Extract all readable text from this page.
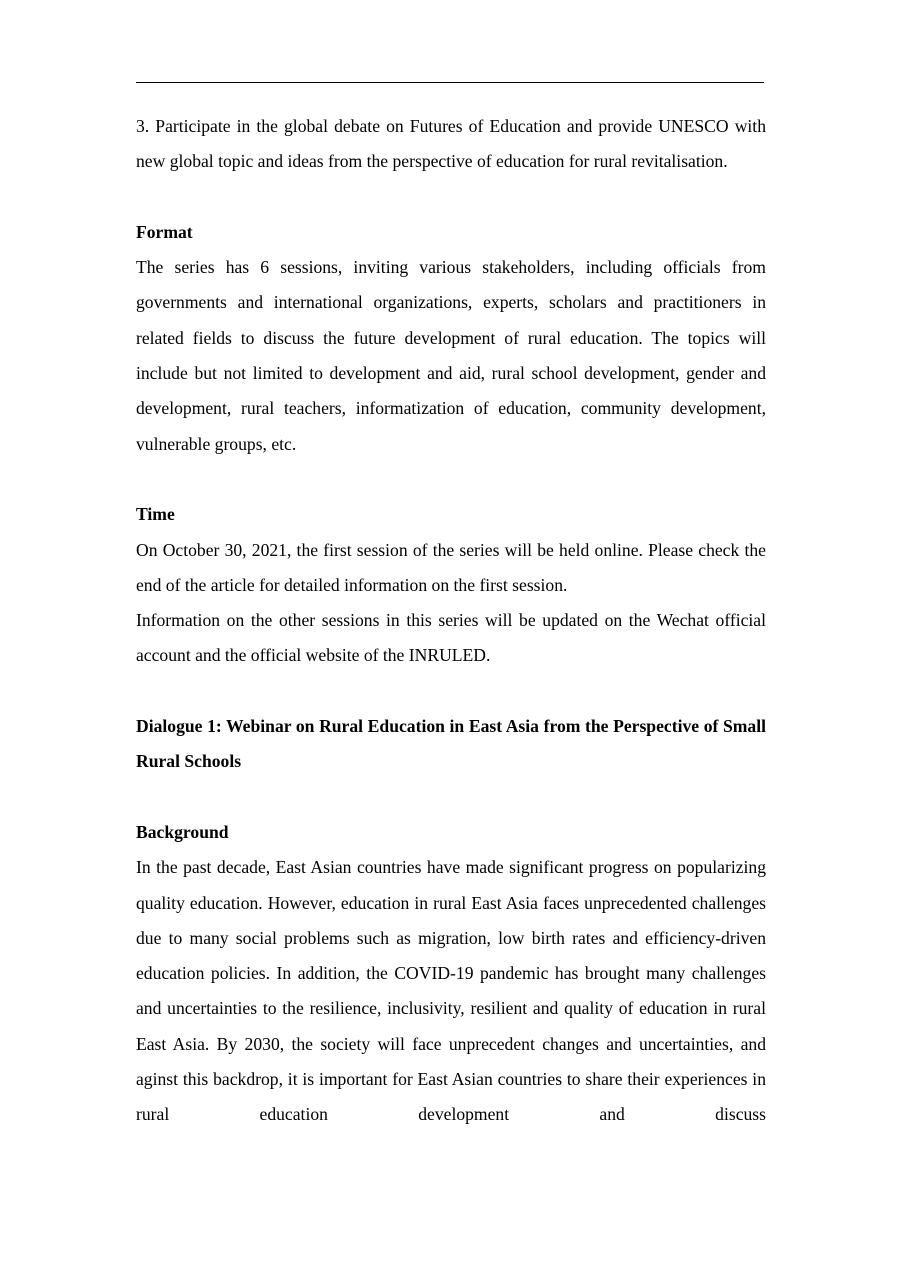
3. Participate in the global debate on Futures of Education and provide UNESCO with new global topic and ideas from the perspective of education for rural revitalisation.

Format

The series has 6 sessions, inviting various stakeholders, including officials from governments and international organizations, experts, scholars and practitioners in related fields to discuss the future development of rural education. The topics will include but not limited to development and aid, rural school development, gender and development, rural teachers, informatization of education, community development, vulnerable groups, etc.

Time

On October 30, 2021, the first session of the series will be held online. Please check the end of the article for detailed information on the first session.

Information on the other sessions in this series will be updated on the Wechat official account and the official website of the INRULED.

Dialogue 1: Webinar on Rural Education in East Asia from the Perspective of Small Rural Schools

Background

In the past decade, East Asian countries have made significant progress on popularizing quality education. However, education in rural East Asia faces unprecedented challenges due to many social problems such as migration, low birth rates and efficiency-driven education policies. In addition, the COVID-19 pandemic has brought many challenges and uncertainties to the resilience, inclusivity, resilient and quality of education in rural East Asia. By 2030, the society will face unprecedent changes and uncertainties, and aginst this backdrop, it is important for East Asian countries to share their experiences in rural education development and discuss
